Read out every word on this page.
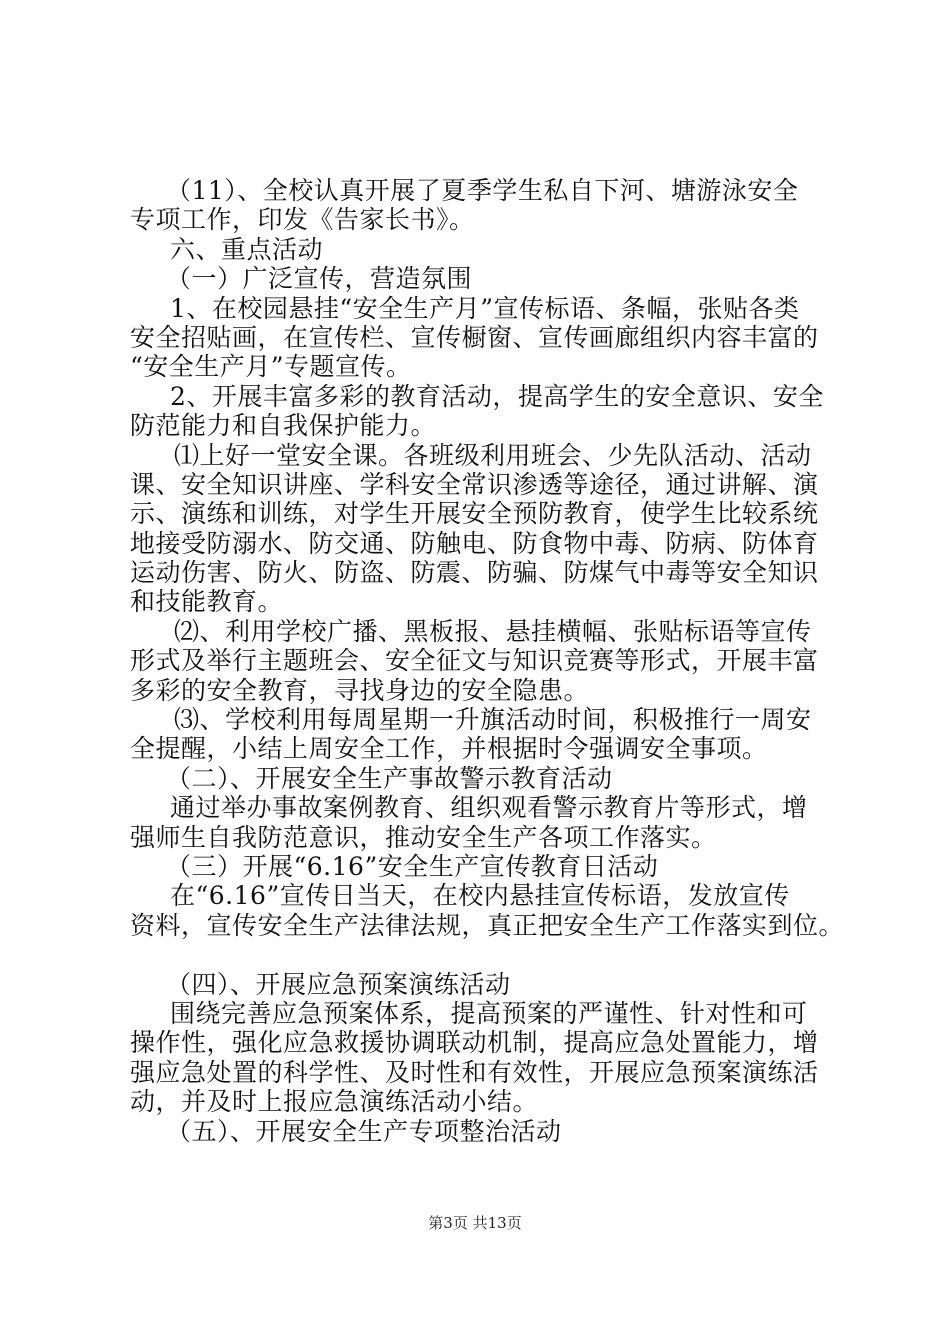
（11）、全校认真开展了夏季学生私自下河、塘游泳安全
专项工作，印发《告家长书》。
六、重点活动
（一）广泛宣传，营造氛围
1、在校园悬挂“安全生产月”宣传标语、条幅，张贴各类
安全招贴画，在宣传栏、宣传橱窗、宣传画廊组织内容丰富的
“安全生产月”专题宣传。
2、开展丰富多彩的教育活动，提高学生的安全意识、安全
防范能力和自我保护能力。
⑴上好一堂安全课。各班级利用班会、少先队活动、活动
课、安全知识讲座、学科安全常识渗透等途径，通过讲解、演
示、演练和训练，对学生开展安全预防教育，使学生比较系统
地接受防溺水、防交通、防触电、防食物中毒、防病、防体育
运动伤害、防火、防盗、防震、防骗、防煤气中毒等安全知识
和技能教育。
⑵、利用学校广播、黑板报、悬挂横幅、张贴标语等宣传
形式及举行主题班会、安全征文与知识竞赛等形式，开展丰富
多彩的安全教育，寻找身边的安全隐患。
⑶、学校利用每周星期一升旗活动时间，积极推行一周安
全提醒，小结上周安全工作，并根据时令强调安全事项。
（二）、开展安全生产事故警示教育活动
通过举办事故案例教育、组织观看警示教育片等形式，增
强师生自我防范意识，推动安全生产各项工作落实。
（三）开展“6.16”安全生产宣传教育日活动
在“6.16”宣传日当天，在校内悬挂宣传标语，发放宣传
资料，宣传安全生产法律法规，真正把安全生产工作落实到位。
（四）、开展应急预案演练活动
围绕完善应急预案体系，提高预案的严谨性、针对性和可
操作性，强化应急救援协调联动机制，提高应急处置能力，增
强应急处置的科学性、及时性和有效性，开展应急预案演练活
动，并及时上报应急演练活动小结。
（五）、开展安全生产专项整治活动
第3页 共13页
